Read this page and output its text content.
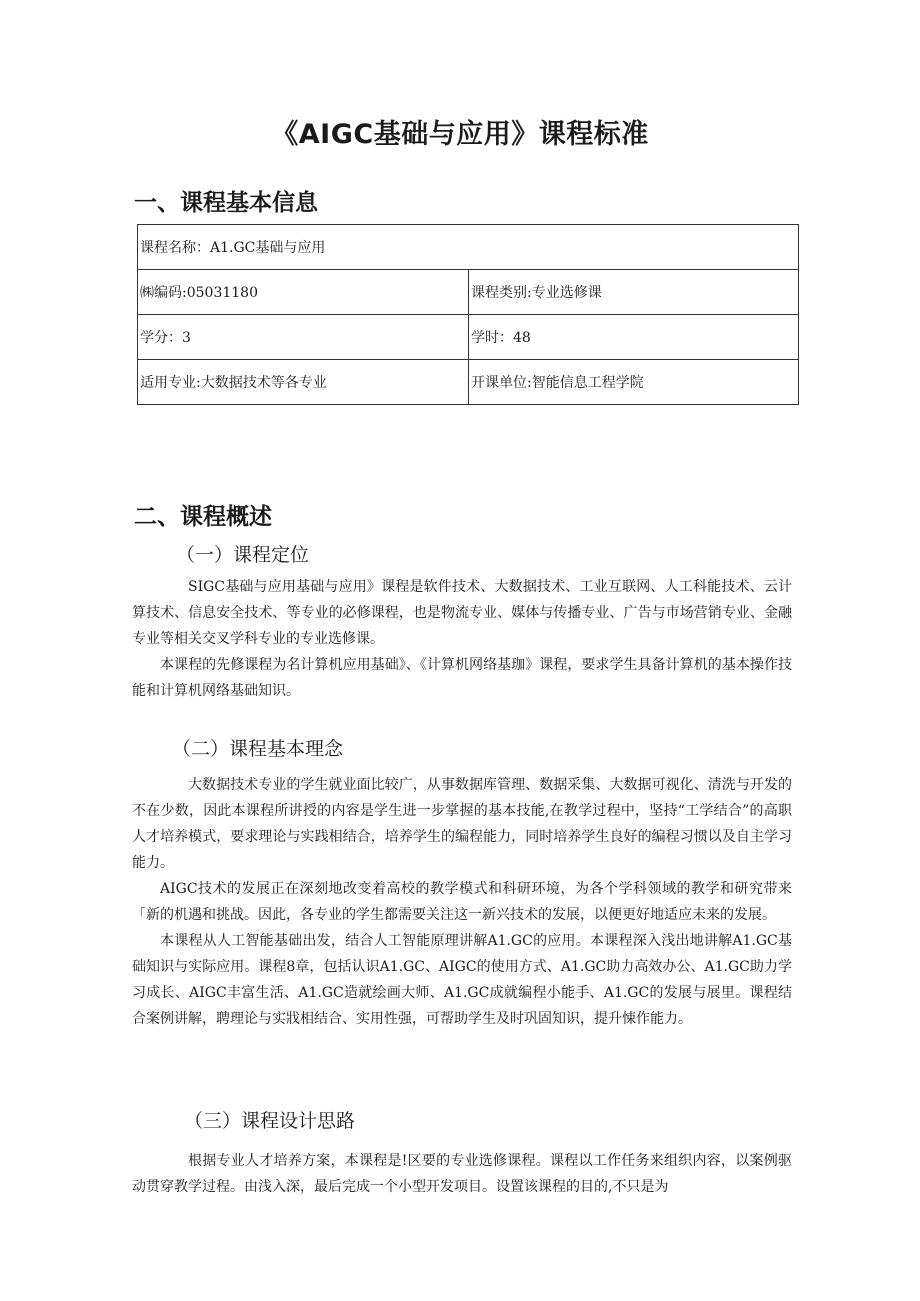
《AIGC基础与应用》课程标准
一、课程基本信息
课程名称：A1.GC基础与应用	
㈱编码:05031180	课程类别:专业选修课
学分：3	学时：48
适用专业:大数据技术等各专业	开课单位:智能信息工程学院
二、课程概述
（一）课程定位

SIGC基础与应用基础与应用》课程是软件技术、大数据技术、工业互联网、人工科能技术、云计算技术、信息安全技术、等专业的必修课程，也是物流专业、媒体与传播专业、广告与市场营销专业、金融专业等相关交叉学科专业的专业选修课。

本课程的先修课程为名计算机应用基础》、《计算机网络基珈》课程，要求学生具备计算机的基本操作技能和计算机网络基础知识。

（二）课程基本理念

大数据技术专业的学生就业面比较广，从事数据库管理、数据采集、大数据可视化、清洗与开发的不在少数，因此本课程所讲授的内容是学生进一步掌握的基本技能,在教学过程中，坚持“工学结合”的高职人才培养模式，要求理论与实践相结合，培养学生的编程能力，同时培养学生良好的编程习惯以及自主学习能力。

AIGC技术的发展正在深刻地改变着高校的教学模式和科研环境，为各个学科领域的教学和研究带来「新的机遇和挑战。因此，各专业的学生都需要关注这一新兴技术的发展，以便更好地适应未来的发展。

本课程从人工智能基础出发，结合人工智能原理讲解A1.GC的应用。本课程深入浅出地讲解A1.GC基础知识与实际应用。课程8章，包括认识A1.GC、AIGC的使用方式、A1.GC助力高效办公、A1.GC助力学习成长、AIGC丰富生活、A1.GC造就绘画大师、A1.GC成就编程小能手、A1.GC的发展与展里。课程结合案例讲解，聘理论与实戕相结合、实用性强，可帮助学生及时巩固知识，提升悚作能力。

（三）课程设计思路

根据专业人才培养方案，本课程是!区要的专业选修课程。课程以工作任务来组织内容，以案例驱动贯穿教学过程。由浅入深，最后完成一个小型开发项目。设置该课程的目的,不只是为
